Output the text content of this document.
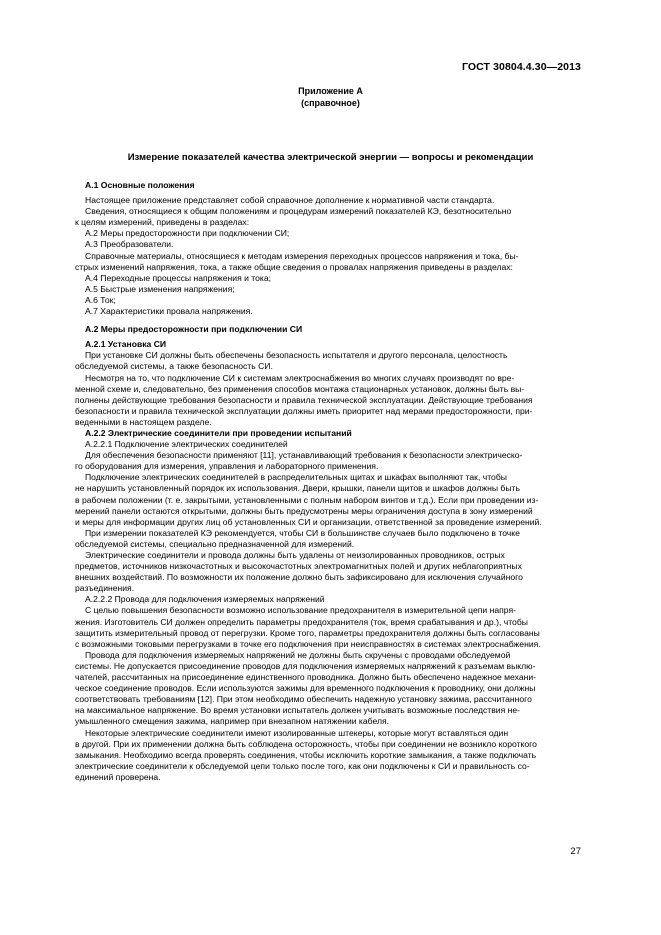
ГОСТ 30804.4.30—2013
Приложение А
(справочное)
Измерение показателей качества электрической энергии — вопросы и рекомендации

А.1 Основные положения

Настоящее приложение представляет собой справочное дополнение к нормативной части стандарта.

Сведения, относящиеся к общим положениям и процедурам измерений показателей КЭ, безотносительно

к целям измерений, приведены в разделах:

А.2 Меры предосторожности при подключении СИ;

А.3 Преобразователи.

Справочные материалы, относящиеся к методам измерения переходных процессов напряжения и тока, бы-

стрых изменений напряжения, тока, а также общие сведения о провалах напряжения приведены в разделах:

А.4 Переходные процессы напряжения и тока;

А.5 Быстрые изменения напряжения;

А.6 Ток;

А.7 Характеристики провала напряжения.

А.2 Меры предосторожности при подключении СИ

А.2.1 Установка СИ

При установке СИ должны быть обеспечены безопасность испытателя и другого персонала, целостность

обследуемой системы, а также безопасность СИ.

Несмотря на то, что подключение СИ к системам электроснабжения во многих случаях производят по вре-

менной схеме и, следовательно, без применения способов монтажа стационарных установок, должны быть вы-

полнены действующие требования безопасности и правила технической эксплуатации. Действующие требования

безопасности и правила технической эксплуатации должны иметь приоритет над мерами предосторожности, при-

веденными в настоящем разделе.

А.2.2 Электрические соединители при проведении испытаний

А.2.2.1 Подключение электрических соединителей

Для обеспечения безопасности применяют [11], устанавливающий требования к безопасности электрическо-

го оборудования для измерения, управления и лабораторного применения.

Подключение электрических соединителей в распределительных щитах и шкафах выполняют так, чтобы

не нарушить установленный порядок их использования. Двери, крышки, панели щитов и шкафов должны быть

в рабочем положении (т. е. закрытыми, установленными с полным набором винтов и т.д.). Если при проведении из-

мерений панели остаются открытыми, должны быть предусмотрены меры ограничения доступа в зону измерений

и меры для информации других лиц об установленных СИ и организации, ответственной за проведение измерений.

При измерении показателей КЭ рекомендуется, чтобы СИ в большинстве случаев было подключено в точке

обследуемой системы, специально предназначенной для измерений.

Электрические соединители и провода должны быть удалены от неизолированных проводников, острых

предметов, источников низкочастотных и высокочастотных электромагнитных полей и других неблагоприятных

внешних воздействий. По возможности их положение должно быть зафиксировано для исключения случайного

разъединения.

А.2.2.2 Провода для подключения измеряемых напряжений

С целью повышения безопасности возможно использование предохранителя в измерительной цепи напря-

жения. Изготовитель СИ должен определить параметры предохранителя (ток, время срабатывания и др.), чтобы

защитить измерительный провод от перегрузки. Кроме того, параметры предохранителя должны быть согласованы

с возможными токовыми перегрузками в точке его подключения при неисправностях в системах электроснабжения.

Провода для подключения измеряемых напряжений не должны быть скручены с проводами обследуемой

системы. Не допускается присоединение проводов для подключения измеряемых напряжений к разъемам выклю-

чателей, рассчитанных на присоединение единственного проводника. Должно быть обеспечено надежное механи-

ческое соединение проводов. Если используются зажимы для временного подключения к проводнику, они должны

соответствовать требованиям [12]. При этом необходимо обеспечить надежную установку зажима, рассчитанного

на максимальное напряжение. Во время установки испытатель должен учитывать возможные последствия не-

умышленного смещения зажима, например при внезапном натяжении кабеля.

Некоторые электрические соединители имеют изолированные штекеры, которые могут вставляться один

в другой. При их применении должна быть соблюдена осторожность, чтобы при соединении не возникло короткого

замыкания. Необходимо всегда проверять соединения, чтобы исключить короткие замыкания, а также подключать

электрические соединители к обследуемой цепи только после того, как они подключены к СИ и правильность со-

единений проверена.

27
